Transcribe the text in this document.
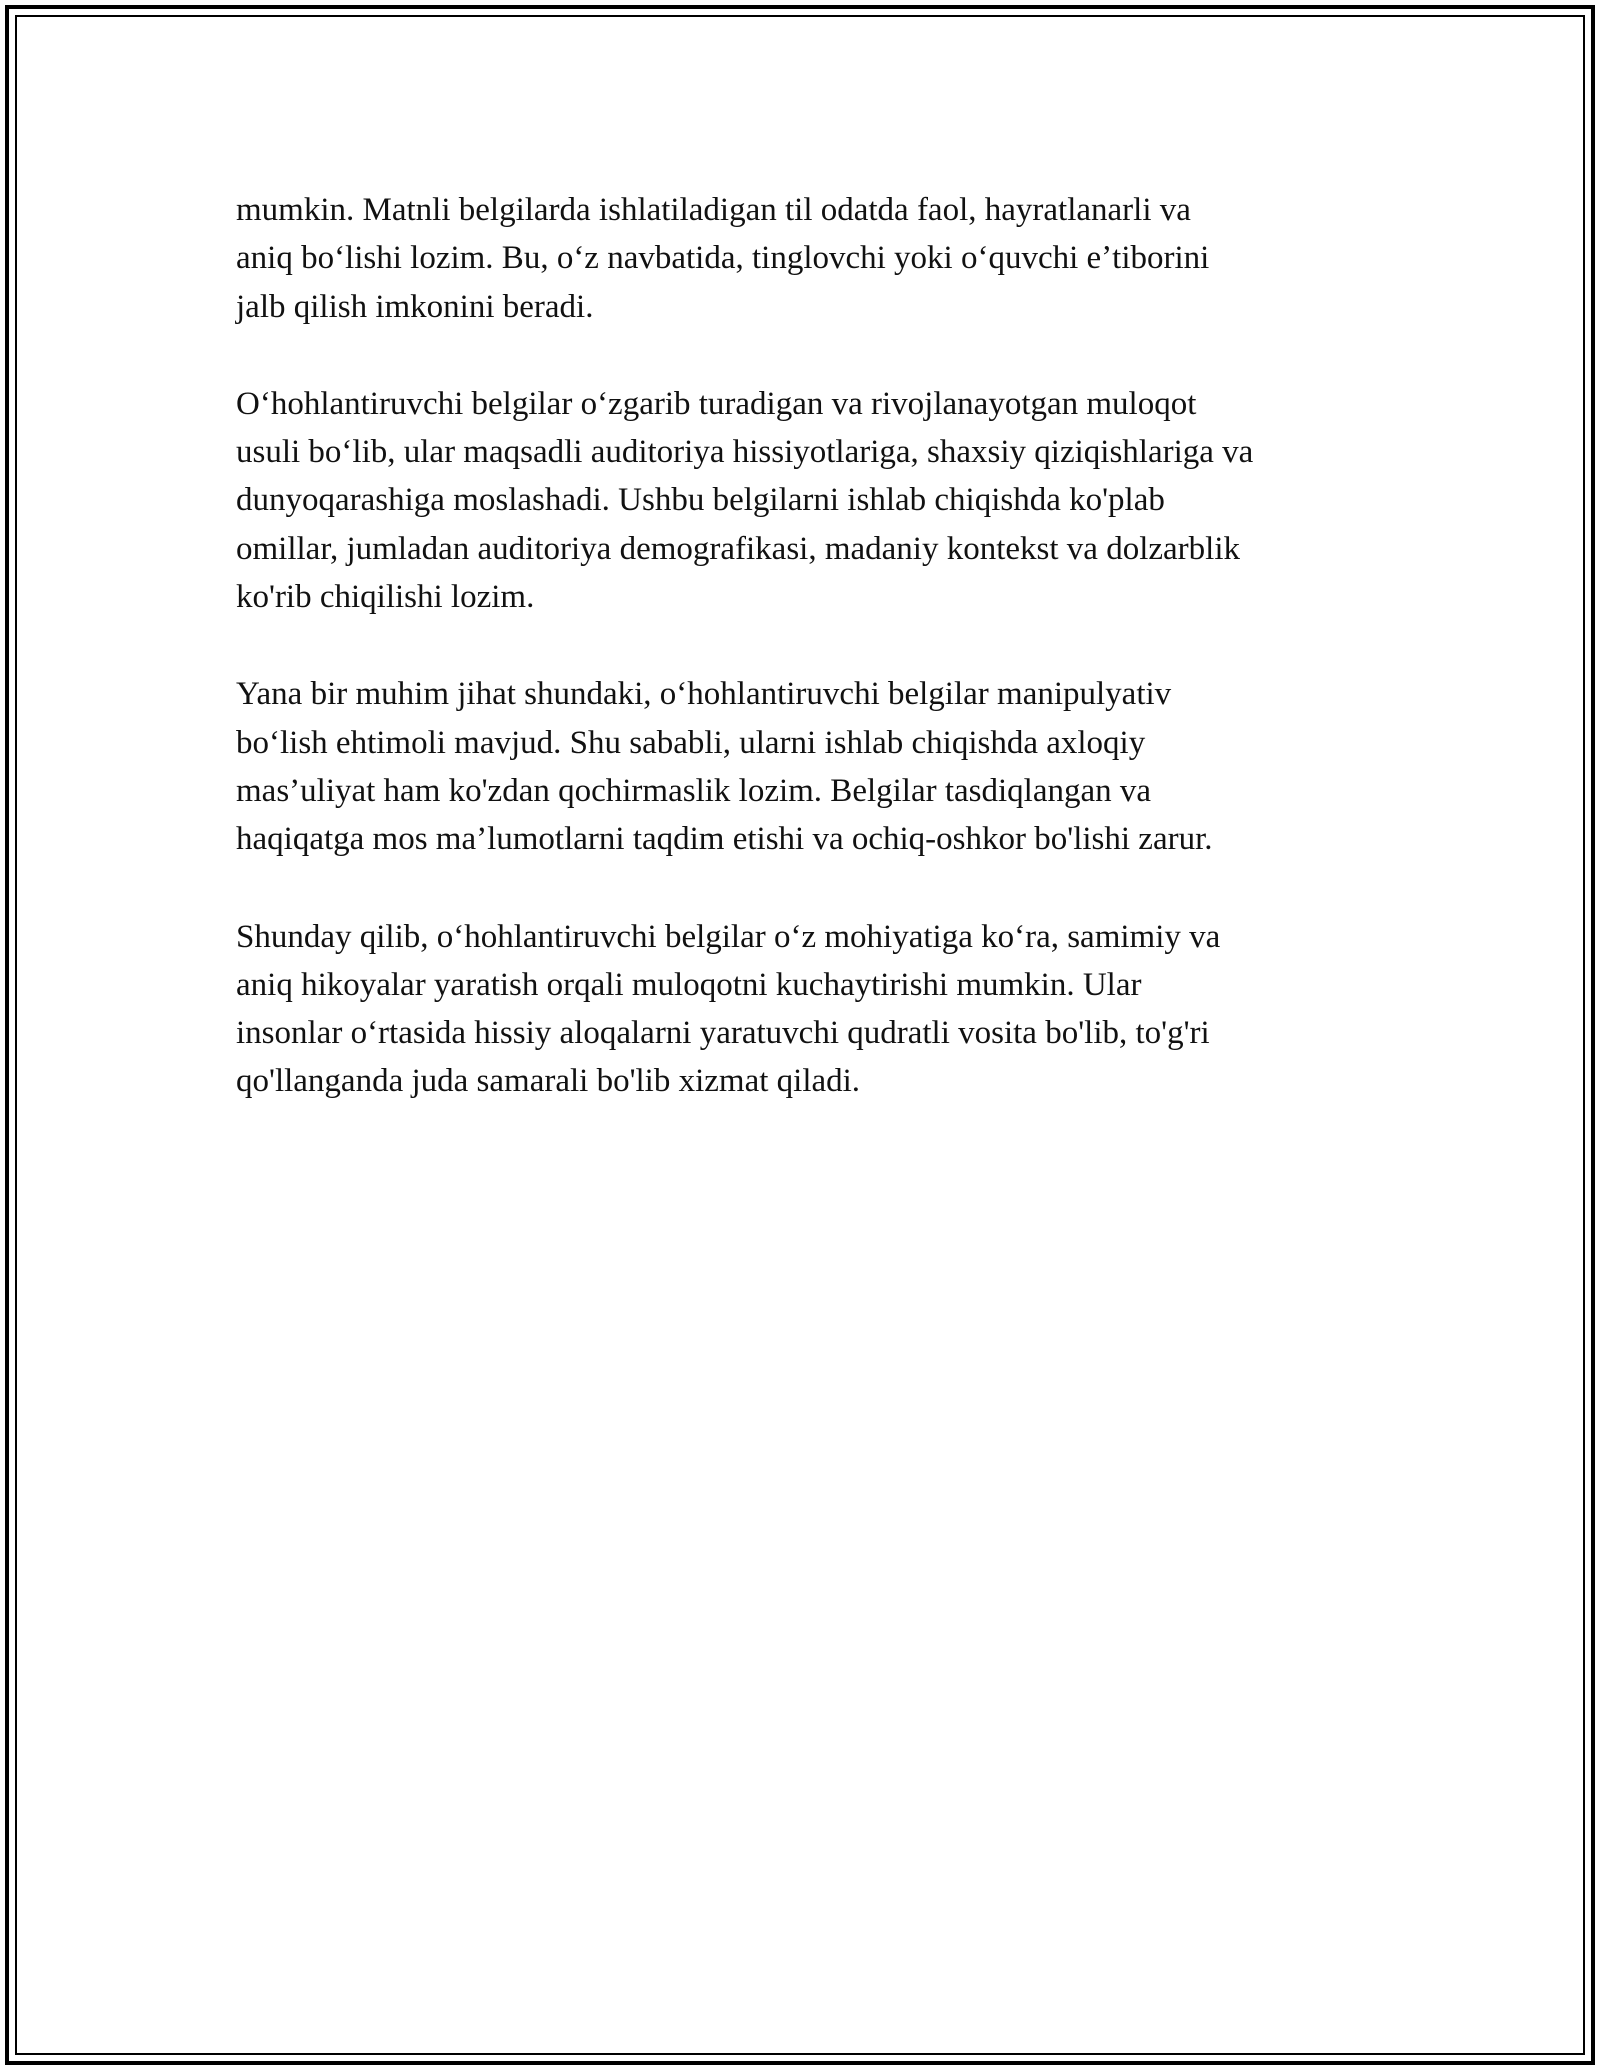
mumkin. Matnli belgilarda ishlatiladigan til odatda faol, hayratlanarli va
aniq boʻlishi lozim. Bu, oʻz navbatida, tinglovchi yoki oʻquvchi eʼtiborini
jalb qilish imkonini beradi.

Oʻhohlantiruvchi belgilar oʻzgarib turadigan va rivojlanayotgan muloqot
usuli boʻlib, ular maqsadli auditoriya hissiyotlariga, shaxsiy qiziqishlariga va
dunyoqarashiga moslashadi. Ushbu belgilarni ishlab chiqishda ko'plab
omillar, jumladan auditoriya demografikasi, madaniy kontekst va dolzarblik
ko'rib chiqilishi lozim.

Yana bir muhim jihat shundaki, oʻhohlantiruvchi belgilar manipulyativ
boʻlish ehtimoli mavjud. Shu sababli, ularni ishlab chiqishda axloqiy
mas’uliyat ham ko'zdan qochirmaslik lozim. Belgilar tasdiqlangan va
haqiqatga mos ma’lumotlarni taqdim etishi va ochiq-oshkor bo'lishi zarur.

Shunday qilib, oʻhohlantiruvchi belgilar oʻz mohiyatiga koʻra, samimiy va
aniq hikoyalar yaratish orqali muloqotni kuchaytirishi mumkin. Ular
insonlar oʻrtasida hissiy aloqalarni yaratuvchi qudratli vosita bo'lib, to'g'ri
qo'llanganda juda samarali bo'lib xizmat qiladi.
